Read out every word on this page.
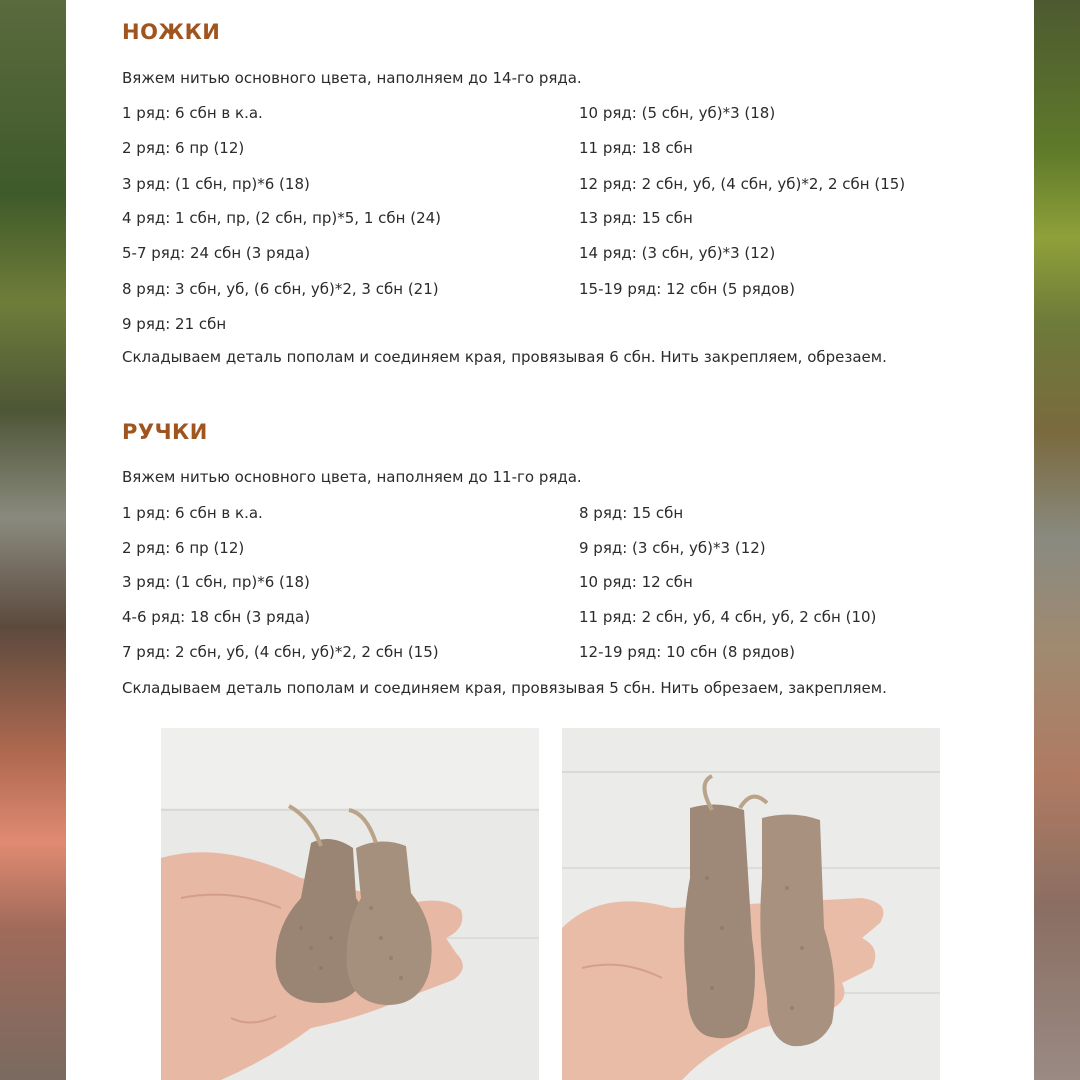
НОЖКИ
Вяжем нитью основного цвета, наполняем до 14-го ряда.
1 ряд: 6 сбн в к.а.
2 ряд: 6 пр (12)
3 ряд: (1 сбн, пр)*6 (18)
4 ряд: 1 сбн, пр, (2 сбн, пр)*5, 1 сбн (24)
5-7 ряд: 24 сбн (3 ряда)
8 ряд: 3 сбн, уб, (6 сбн, уб)*2, 3 сбн (21)
9 ряд: 21 сбн
10 ряд: (5 сбн, уб)*3 (18)
11 ряд: 18 сбн
12 ряд: 2 сбн, уб, (4 сбн, уб)*2, 2 сбн (15)
13 ряд: 15 сбн
14 ряд: (3 сбн, уб)*3 (12)
15-19 ряд: 12 сбн (5 рядов)
Складываем деталь пополам и соединяем края, провязывая 6 сбн. Нить закрепляем, обрезаем.
РУЧКИ
Вяжем нитью основного цвета, наполняем до 11-го ряда.
1 ряд: 6 сбн в к.а.
2 ряд: 6 пр (12)
3 ряд: (1 сбн, пр)*6 (18)
4-6 ряд: 18 сбн (3 ряда)
7 ряд: 2 сбн, уб, (4 сбн, уб)*2, 2 сбн (15)
8 ряд: 15 сбн
9 ряд: (3 сбн, уб)*3 (12)
10 ряд: 12 сбн
11 ряд: 2 сбн, уб, 4 сбн, уб, 2 сбн (10)
12-19 ряд: 10 сбн (8 рядов)
Складываем деталь пополам и соединяем края, провязывая 5 сбн. Нить обрезаем, закрепляем.
